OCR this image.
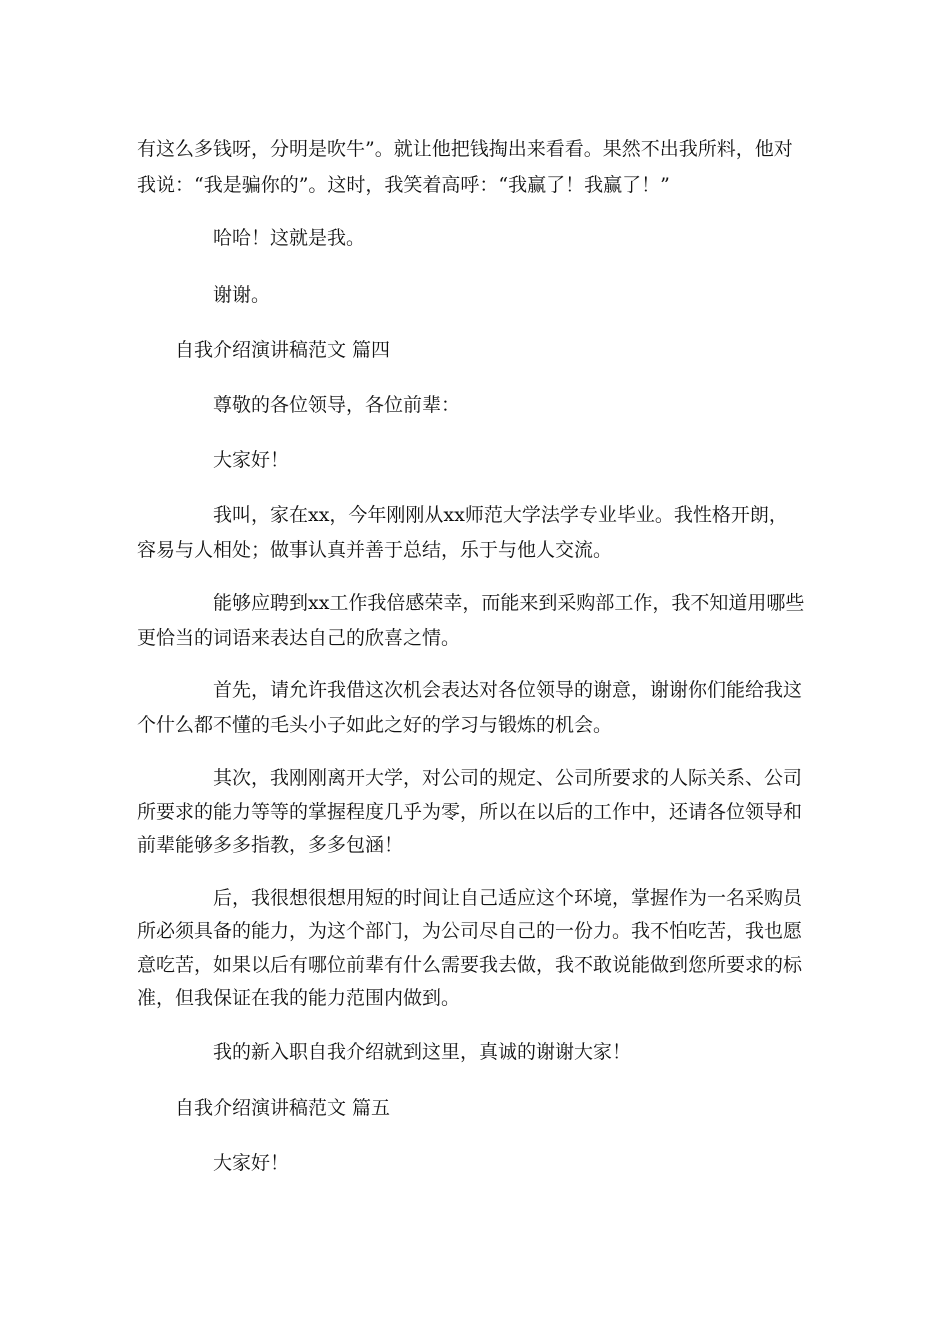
有这么多钱呀，分明是吹牛”。就让他把钱掏出来看看。果然不出我所料，他对

我说：“我是骗你的”。这时，我笑着高呼：“我赢了！我赢了！”

哈哈！这就是我。

谢谢。

自我介绍演讲稿范文 篇四

尊敬的各位领导，各位前辈：

大家好！

我叫，家在xx，今年刚刚从xx师范大学法学专业毕业。我性格开朗，

容易与人相处；做事认真并善于总结，乐于与他人交流。

能够应聘到xx工作我倍感荣幸，而能来到采购部工作，我不知道用哪些

更恰当的词语来表达自己的欣喜之情。

首先，请允许我借这次机会表达对各位领导的谢意，谢谢你们能给我这

个什么都不懂的毛头小子如此之好的学习与锻炼的机会。

其次，我刚刚离开大学，对公司的规定、公司所要求的人际关系、公司

所要求的能力等等的掌握程度几乎为零，所以在以后的工作中，还请各位领导和

前辈能够多多指教，多多包涵！

后，我很想很想用短的时间让自己适应这个环境，掌握作为一名采购员

所必须具备的能力，为这个部门，为公司尽自己的一份力。我不怕吃苦，我也愿

意吃苦，如果以后有哪位前辈有什么需要我去做，我不敢说能做到您所要求的标

准，但我保证在我的能力范围内做到。

我的新入职自我介绍就到这里，真诚的谢谢大家！

自我介绍演讲稿范文 篇五

大家好！
